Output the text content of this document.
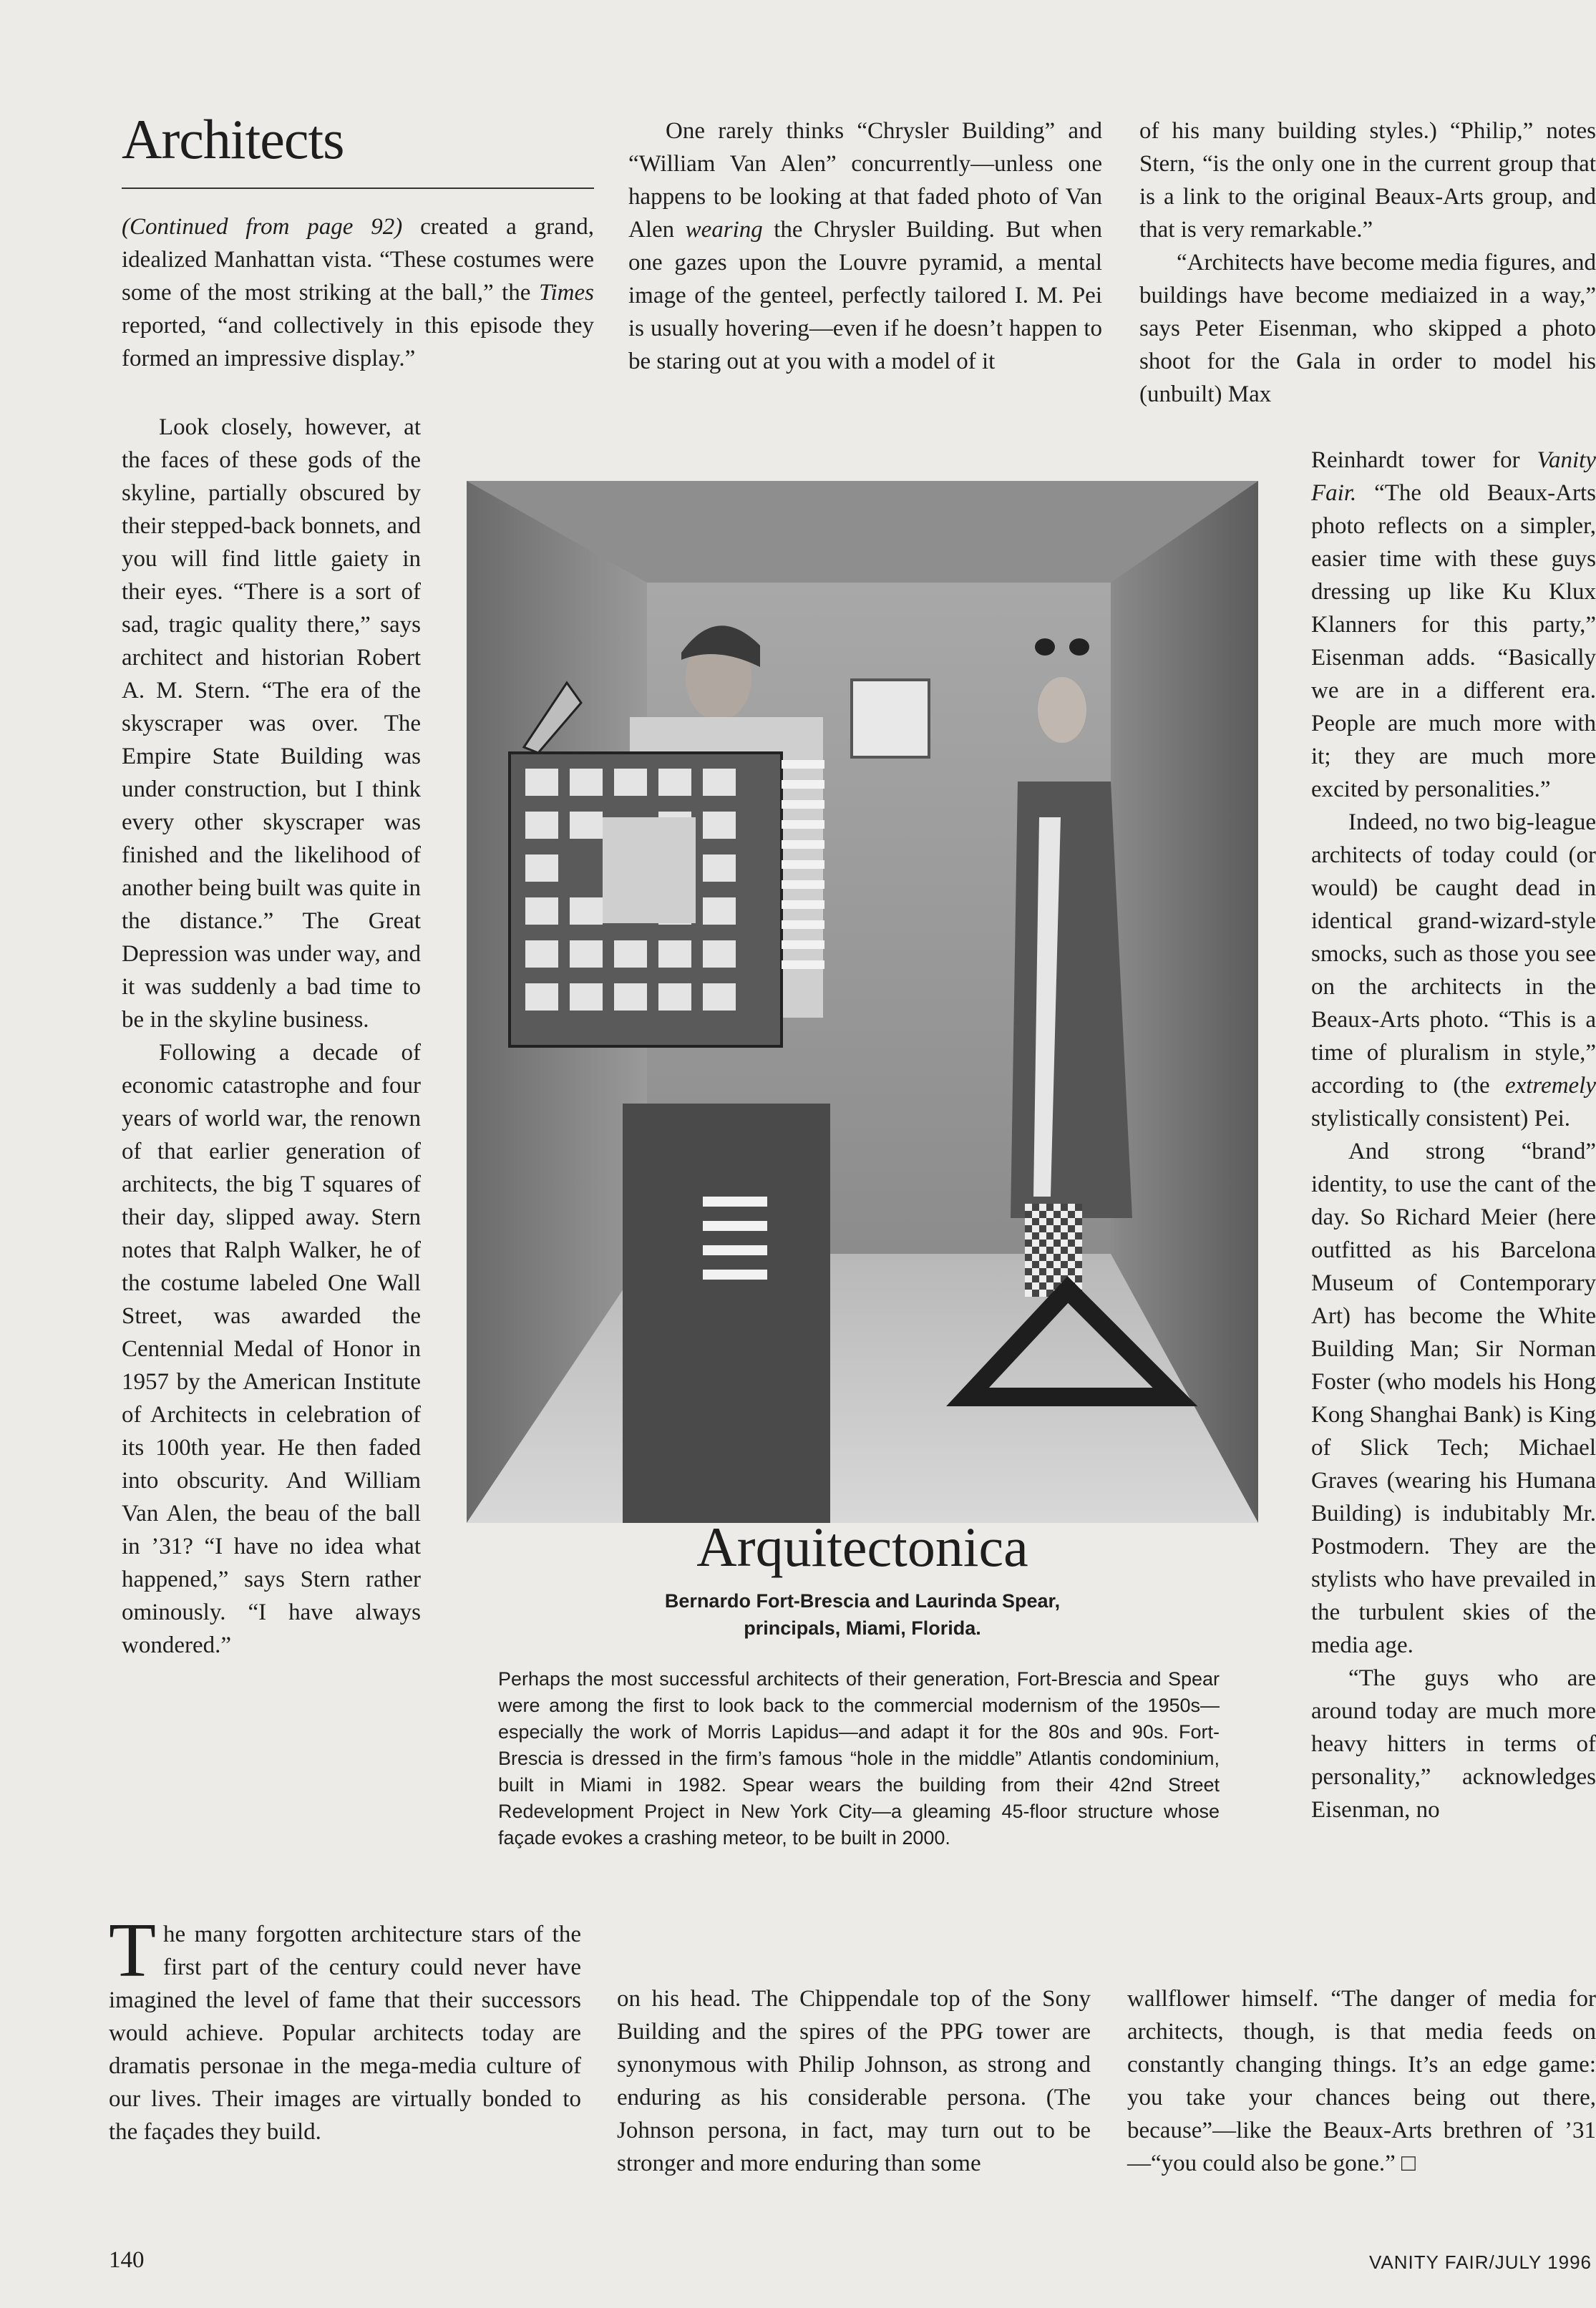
Architects

(Continued from page 92) created a grand, idealized Manhattan vista. “These costumes were some of the most striking at the ball,” the Times reported, “and collectively in this episode they formed an impressive display.”

Look closely, however, at the faces of these gods of the skyline, partially obscured by their stepped-back bonnets, and you will find little gaiety in their eyes. “There is a sort of sad, tragic quality there,” says architect and historian Robert A. M. Stern. “The era of the skyscraper was over. The Empire State Building was under construction, but I think every other skyscraper was finished and the likelihood of another being built was quite in the distance.” The Great Depression was under way, and it was suddenly a bad time to be in the skyline business.

Following a decade of economic catastrophe and four years of world war, the renown of that earlier generation of architects, the big T squares of their day, slipped away. Stern notes that Ralph Walker, he of the costume labeled One Wall Street, was awarded the Centennial Medal of Honor in 1957 by the American Institute of Architects in celebration of its 100th year. He then faded into obscurity. And William Van Alen, the beau of the ball in ’31? “I have no idea what happened,” says Stern rather ominously. “I have always wondered.”

The many forgotten architecture stars of the first part of the century could never have imagined the level of fame that their successors would achieve. Popular architects today are dramatis personae in the mega-media culture of our lives. Their images are virtually bonded to the façades they build.

One rarely thinks “Chrysler Building” and “William Van Alen” concurrently—unless one happens to be looking at that faded photo of Van Alen wearing the Chrysler Building. But when one gazes upon the Louvre pyramid, a mental image of the genteel, perfectly tailored I. M. Pei is usually hovering—even if he doesn’t happen to be staring out at you with a model of it

on his head. The Chippendale top of the Sony Building and the spires of the PPG tower are synonymous with Philip Johnson, as strong and enduring as his considerable persona. (The Johnson persona, in fact, may turn out to be stronger and more enduring than some

of his many building styles.) “Philip,” notes Stern, “is the only one in the current group that is a link to the original Beaux-Arts group, and that is very remarkable.”

“Architects have become media figures, and buildings have become mediaized in a way,” says Peter Eisenman, who skipped a photo shoot for the Gala in order to model his (unbuilt) Max

Reinhardt tower for Vanity Fair. “The old Beaux-Arts photo reflects on a simpler, easier time with these guys dressing up like Ku Klux Klanners for this party,” Eisenman adds. “Basically we are in a different era. People are much more with it; they are much more excited by personalities.”

Indeed, no two big-league architects of today could (or would) be caught dead in identical grand-wizard-style smocks, such as those you see on the architects in the Beaux-Arts photo. “This is a time of pluralism in style,” according to (the extremely stylistically consistent) Pei.

And strong “brand” identity, to use the cant of the day. So Richard Meier (here outfitted as his Barcelona Museum of Contemporary Art) has become the White Building Man; Sir Norman Foster (who models his Hong Kong Shanghai Bank) is King of Slick Tech; Michael Graves (wearing his Humana Building) is indubitably Mr. Postmodern. They are the stylists who have prevailed in the turbulent skies of the media age.

“The guys who are around today are much more heavy hitters in terms of personality,” acknowledges Eisenman, no

wallflower himself. “The danger of media for architects, though, is that media feeds on constantly changing things. It’s an edge game: you take your chances being out there, because”—like the Beaux-Arts brethren of ’31—“you could also be gone.” □

Arquitectonica
Bernardo Fort-Brescia and Laurinda Spear,
principals, Miami, Florida.
Perhaps the most successful architects of their generation, Fort-Brescia and Spear were among the first to look back to the commercial modernism of the 1950s—especially the work of Morris Lapidus—and adapt it for the 80s and 90s. Fort-Brescia is dressed in the firm’s famous “hole in the middle” Atlantis condominium, built in Miami in 1982. Spear wears the building from their 42nd Street Redevelopment Project in New York City—a gleaming 45-floor structure whose façade evokes a crashing meteor, to be built in 2000.
140	VANITY FAIR/JULY 1996
